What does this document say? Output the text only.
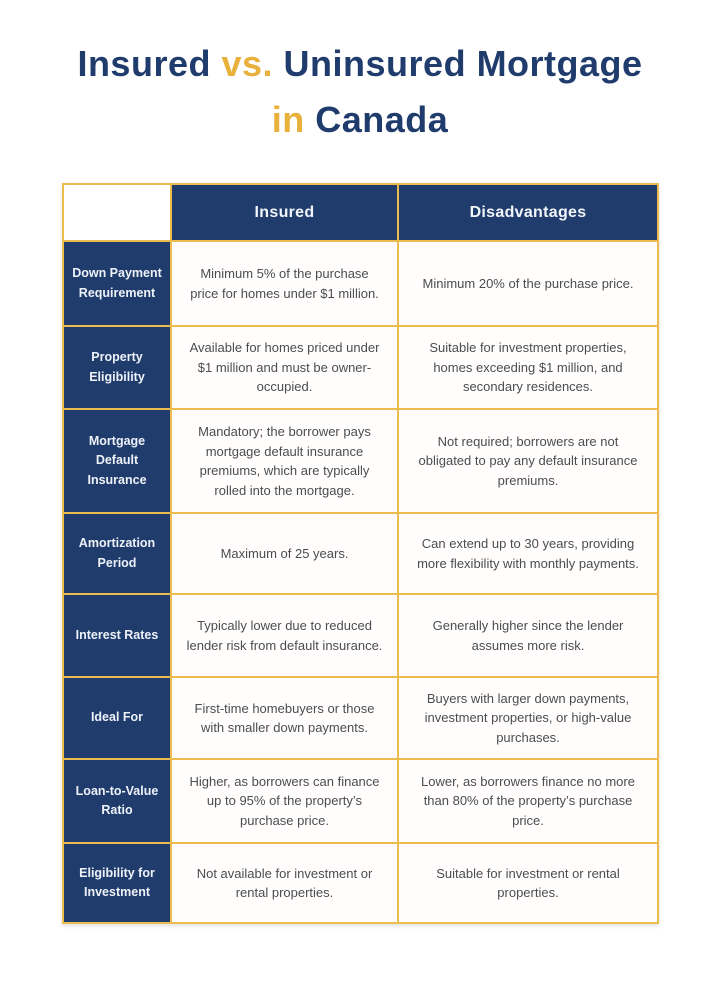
Insured vs. Uninsured Mortgage
in Canada
	Insured	Disadvantages
Down Payment Requirement	Minimum 5% of the purchase price for homes under $1 million.	Minimum 20% of the purchase price.
Property Eligibility	Available for homes priced under $1 million and must be owner-occupied.	Suitable for investment properties, homes exceeding $1 million, and secondary residences.
Mortgage Default Insurance	Mandatory; the borrower pays mortgage default insurance premiums, which are typically rolled into the mortgage.	Not required; borrowers are not obligated to pay any default insurance premiums.
Amortization Period	Maximum of 25 years.	Can extend up to 30 years, providing more flexibility with monthly payments.
Interest Rates	Typically lower due to reduced lender risk from default insurance.	Generally higher since the lender assumes more risk.
Ideal For	First-time homebuyers or those with smaller down payments.	Buyers with larger down payments, investment properties, or high-value purchases.
Loan-to-Value Ratio	Higher, as borrowers can finance up to 95% of the property’s purchase price.	Lower, as borrowers finance no more than 80% of the property’s purchase price.
Eligibility for Investment	Not available for investment or rental properties.	Suitable for investment or rental properties.
